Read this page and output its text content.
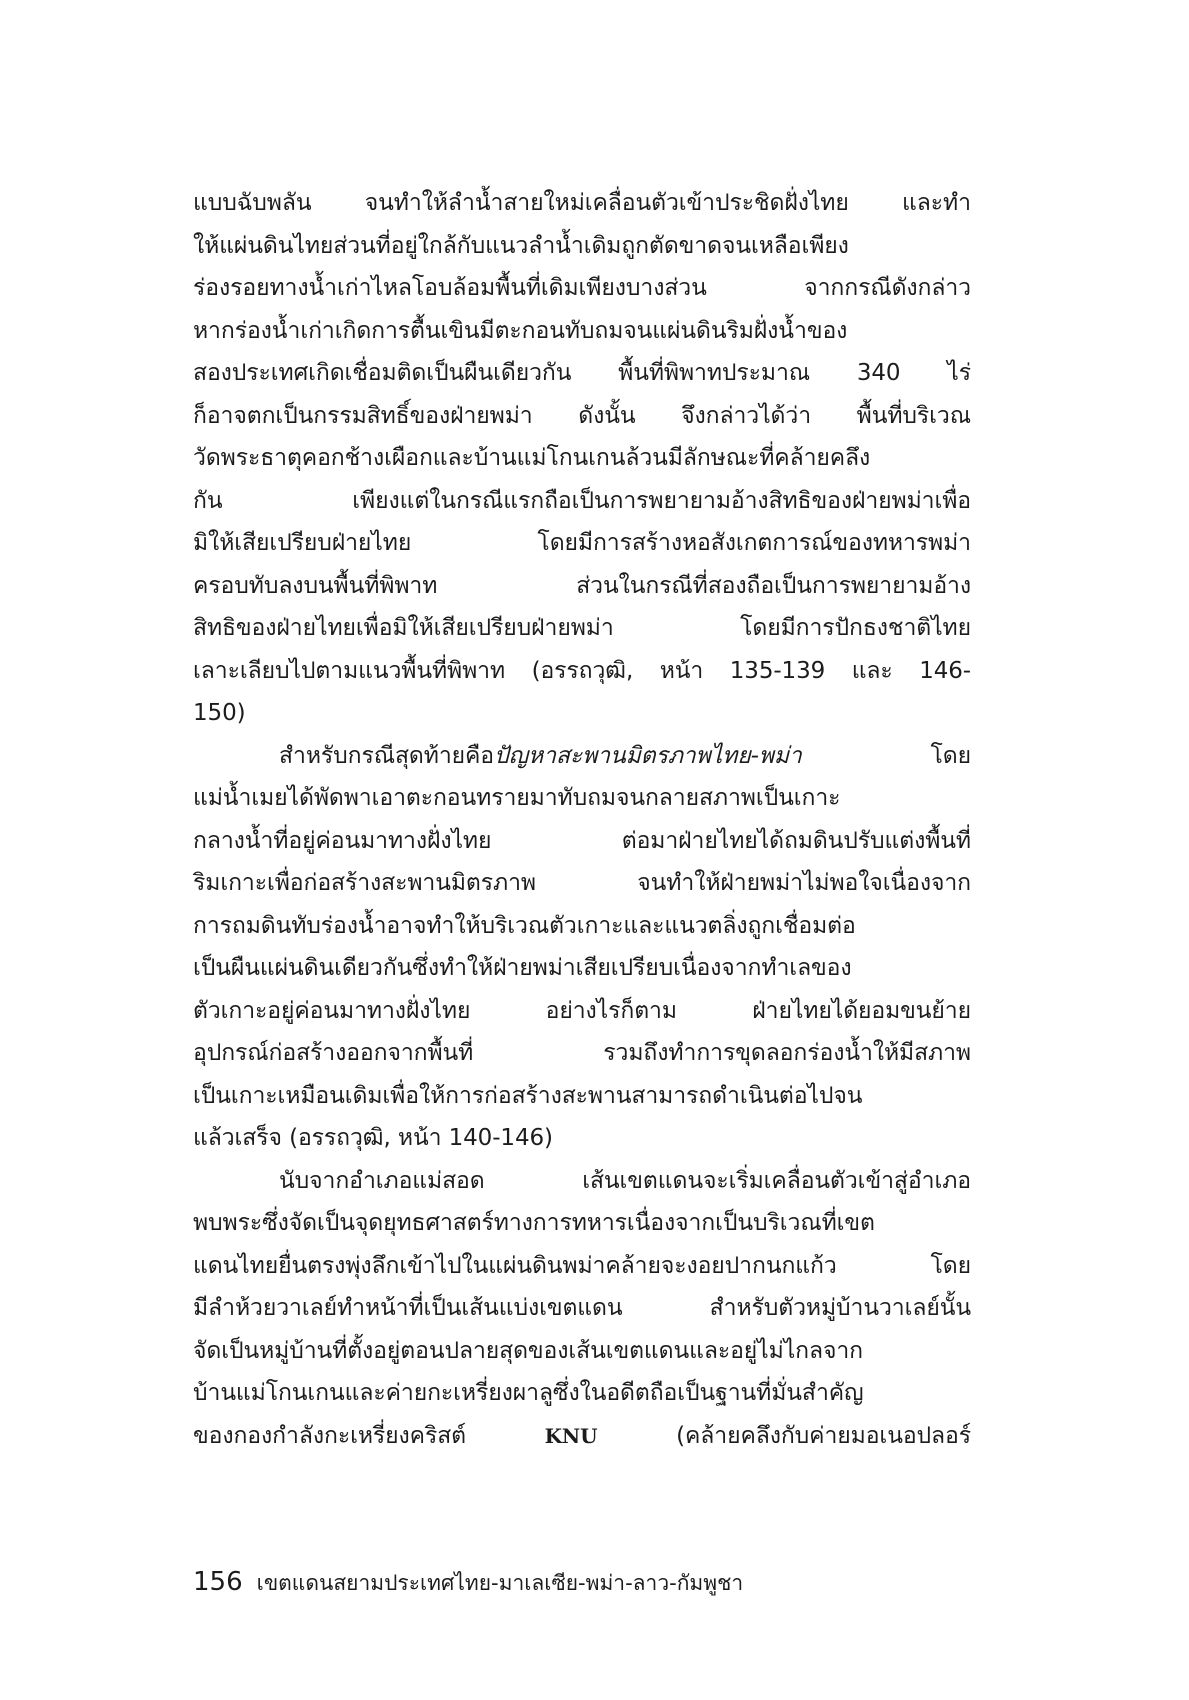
แบบฉับพลัน จนทำให้ลำน้ำสายใหม่เคลื่อนตัวเข้าประชิดฝั่งไทย และทำ
ให้แผ่นดินไทยส่วนที่อยู่ใกล้กับแนวลำน้ำเดิมถูกตัดขาดจนเหลือเพียง
ร่องรอยทางน้ำเก่าไหลโอบล้อมพื้นที่เดิมเพียงบางส่วน จากกรณีดังกล่าว
หากร่องน้ำเก่าเกิดการตื้นเขินมีตะกอนทับถมจนแผ่นดินริมฝั่งน้ำของ
สองประเทศเกิดเชื่อมติดเป็นผืนเดียวกัน พื้นที่พิพาทประมาณ 340 ไร่
ก็อาจตกเป็นกรรมสิทธิ์ของฝ่ายพม่า ดังนั้น จึงกล่าวได้ว่า พื้นที่บริเวณ
วัดพระธาตุคอกช้างเผือกและบ้านแม่โกนเกนล้วนมีลักษณะที่คล้ายคลึง
กัน เพียงแต่ในกรณีแรกถือเป็นการพยายามอ้างสิทธิของฝ่ายพม่าเพื่อ
มิให้เสียเปรียบฝ่ายไทย โดยมีการสร้างหอสังเกตการณ์ของทหารพม่า
ครอบทับลงบนพื้นที่พิพาท ส่วนในกรณีที่สองถือเป็นการพยายามอ้าง
สิทธิของฝ่ายไทยเพื่อมิให้เสียเปรียบฝ่ายพม่า โดยมีการปักธงชาติไทย
เลาะเลียบไปตามแนวพื้นที่พิพาท (อรรถวุฒิ, หน้า 135-139 และ 146-
150)
สำหรับกรณีสุดท้ายคือปัญหาสะพานมิตรภาพไทย-พม่า โดย
แม่น้ำเมยได้พัดพาเอาตะกอนทรายมาทับถมจนกลายสภาพเป็นเกาะ
กลางน้ำที่อยู่ค่อนมาทางฝั่งไทย ต่อมาฝ่ายไทยได้ถมดินปรับแต่งพื้นที่
ริมเกาะเพื่อก่อสร้างสะพานมิตรภาพ จนทำให้ฝ่ายพม่าไม่พอใจเนื่องจาก
การถมดินทับร่องน้ำอาจทำให้บริเวณตัวเกาะและแนวตลิ่งถูกเชื่อมต่อ
เป็นผืนแผ่นดินเดียวกันซึ่งทำให้ฝ่ายพม่าเสียเปรียบเนื่องจากทำเลของ
ตัวเกาะอยู่ค่อนมาทางฝั่งไทย อย่างไรก็ตาม ฝ่ายไทยได้ยอมขนย้าย
อุปกรณ์ก่อสร้างออกจากพื้นที่ รวมถึงทำการขุดลอกร่องน้ำให้มีสภาพ
เป็นเกาะเหมือนเดิมเพื่อให้การก่อสร้างสะพานสามารถดำเนินต่อไปจน
แล้วเสร็จ (อรรถวุฒิ, หน้า 140-146)
นับจากอำเภอแม่สอด เส้นเขตแดนจะเริ่มเคลื่อนตัวเข้าสู่อำเภอ
พบพระซึ่งจัดเป็นจุดยุทธศาสตร์ทางการทหารเนื่องจากเป็นบริเวณที่เขต
แดนไทยยื่นตรงพุ่งลึกเข้าไปในแผ่นดินพม่าคล้ายจะงอยปากนกแก้ว โดย
มีลำห้วยวาเลย์ทำหน้าที่เป็นเส้นแบ่งเขตแดน สำหรับตัวหมู่บ้านวาเลย์นั้น
จัดเป็นหมู่บ้านที่ตั้งอยู่ตอนปลายสุดของเส้นเขตแดนและอยู่ไม่ไกลจาก
บ้านแม่โกนเกนและค่ายกะเหรี่ยงผาลูซึ่งในอดีตถือเป็นฐานที่มั่นสำคัญ
ของกองกำลังกะเหรี่ยงคริสต์ KNU (คล้ายคลึงกับค่ายมอเนอปลอร์
156 เขตแดนสยามประเทศไทย-มาเลเซีย-พม่า-ลาว-กัมพูชา
